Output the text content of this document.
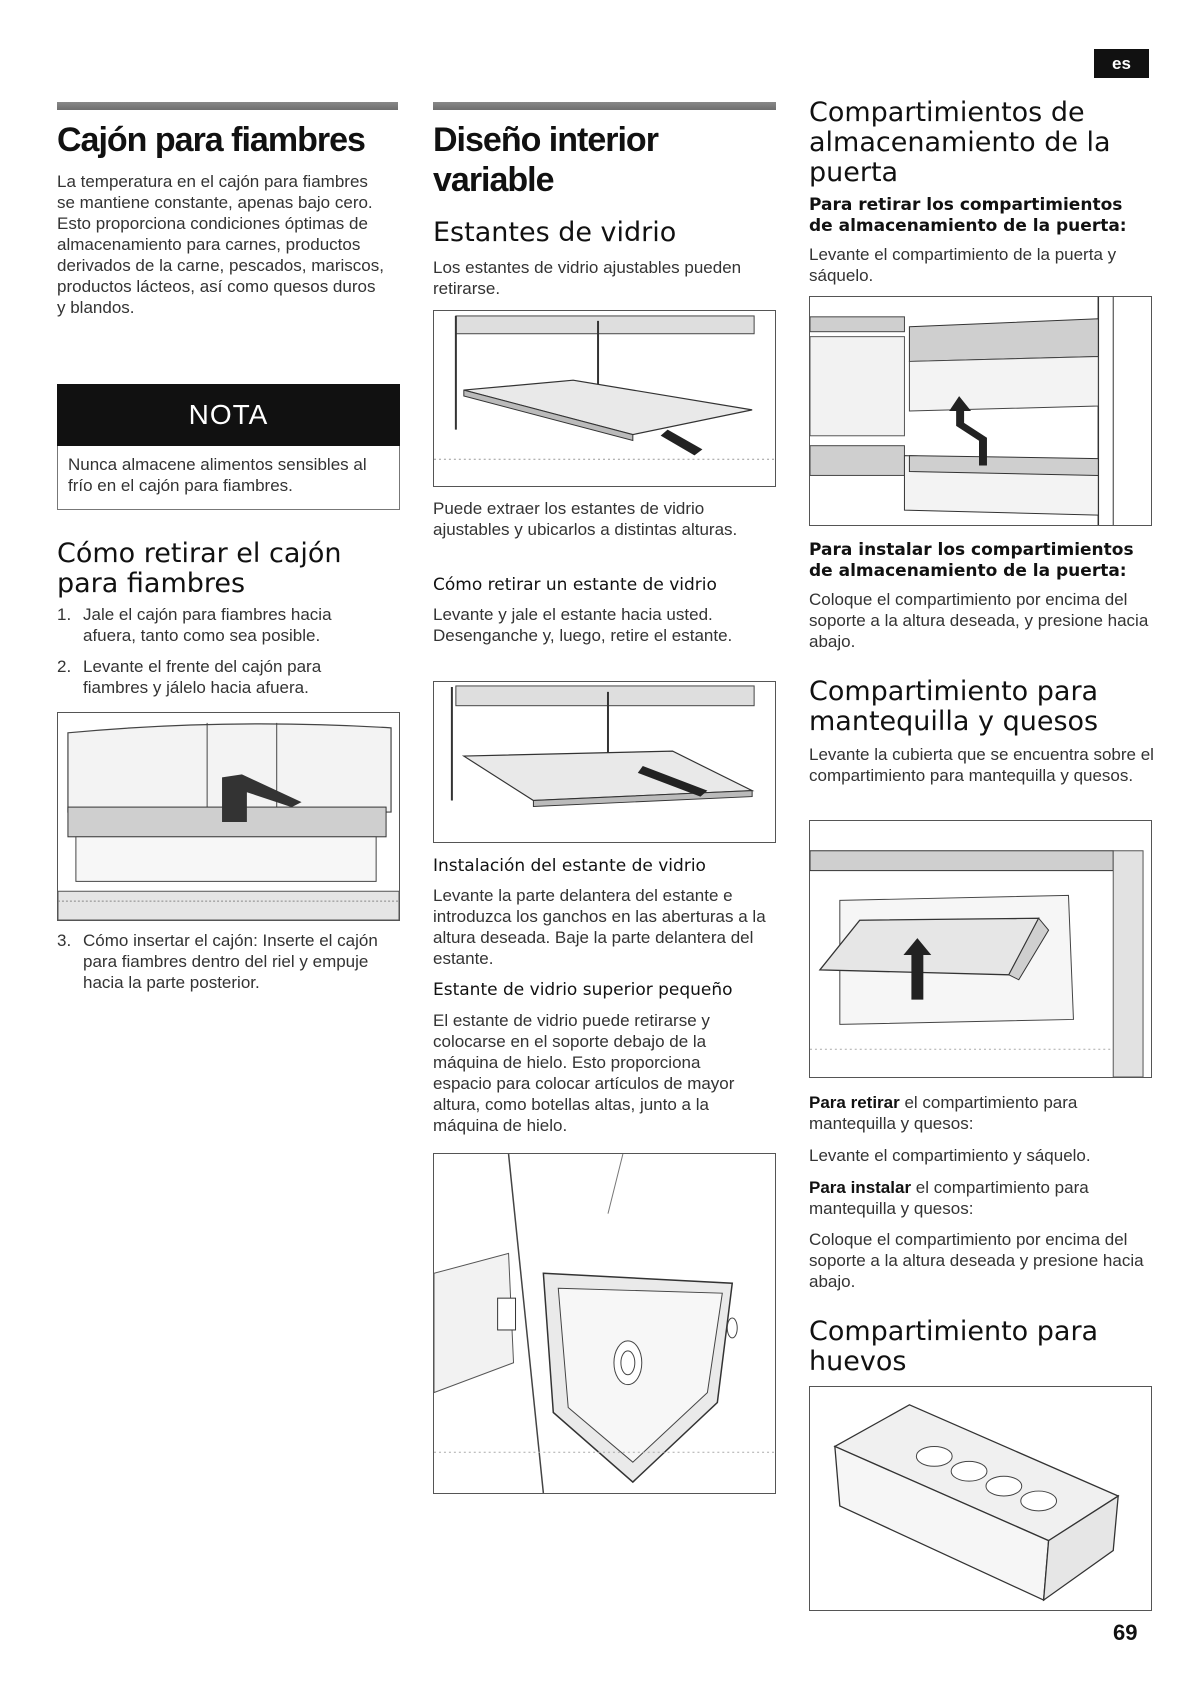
es
Cajón para fiambres
La temperatura en el cajón para fiambres se mantiene constante, apenas bajo cero. Esto proporciona condiciones óptimas de almacenamiento para carnes, productos derivados de la carne, pescados, mariscos, productos lácteos, así como quesos duros y blandos.
NOTA
Nunca almacene alimentos sensibles al frío en el cajón para fiambres.
Cómo retirar el cajón para fiambres
1. Jale el cajón para fiambres hacia afuera, tanto como sea posible.
2. Levante el frente del cajón para fiambres y jálelo hacia afuera.
3. Cómo insertar el cajón: Inserte el cajón para fiambres dentro del riel y empuje hacia la parte posterior.
Diseño interior variable
Estantes de vidrio
Los estantes de vidrio ajustables pueden retirarse.
Puede extraer los estantes de vidrio ajustables y ubicarlos a distintas alturas.
Cómo retirar un estante de vidrio
Levante y jale el estante hacia usted. Desenganche y, luego, retire el estante.
Instalación del estante de vidrio
Levante la parte delantera del estante e introduzca los ganchos en las aberturas a la altura deseada. Baje la parte delantera del estante.
Estante de vidrio superior pequeño
El estante de vidrio puede retirarse y colocarse en el soporte debajo de la máquina de hielo. Esto proporciona espacio para colocar artículos de mayor altura, como botellas altas, junto a la máquina de hielo.
Compartimientos de almacenamiento de la puerta
Para retirar los compartimientos de almacenamiento de la puerta:
Levante el compartimiento de la puerta y sáquelo.
Para instalar los compartimientos de almacenamiento de la puerta:
Coloque el compartimiento por encima del soporte a la altura deseada, y presione hacia abajo.
Compartimiento para mantequilla y quesos
Levante la cubierta que se encuentra sobre el compartimiento para mantequilla y quesos.
Para retirar el compartimiento para mantequilla y quesos:
Levante el compartimiento y sáquelo.
Para instalar el compartimiento para mantequilla y quesos:
Coloque el compartimiento por encima del soporte a la altura deseada y presione hacia abajo.
Compartimiento para huevos
69
